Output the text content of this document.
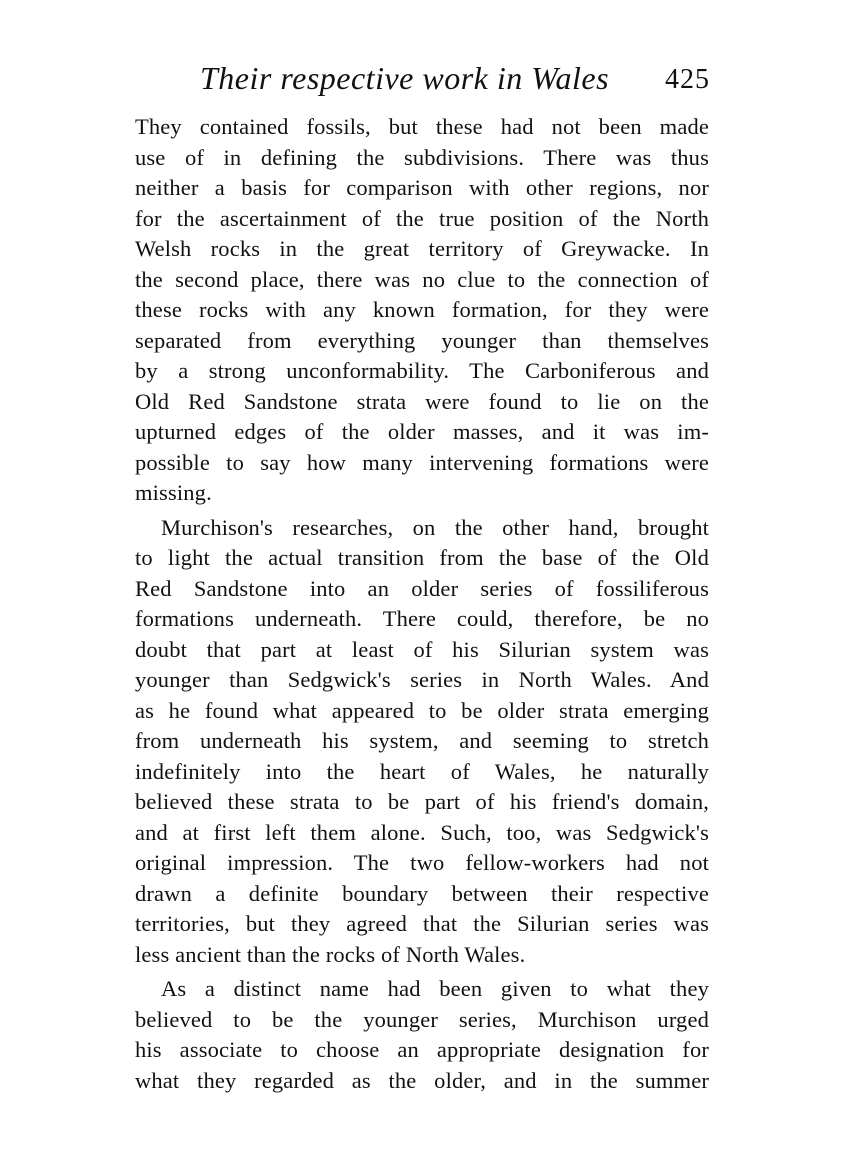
Their respective work in Wales 425

They contained fossils, but these had not been made
use of in defining the subdivisions. There was thus
neither a basis for comparison with other regions, nor
for the ascertainment of the true position of the North
Welsh rocks in the great territory of Greywacke. In
the second place, there was no clue to the connection of
these rocks with any known formation, for they were
separated from everything younger than themselves
by a strong unconformability. The Carboniferous and
Old Red Sandstone strata were found to lie on the
upturned edges of the older masses, and it was im-
possible to say how many intervening formations were
missing.

Murchison's researches, on the other hand, brought
to light the actual transition from the base of the Old
Red Sandstone into an older series of fossiliferous
formations underneath. There could, therefore, be no
doubt that part at least of his Silurian system was
younger than Sedgwick's series in North Wales. And
as he found what appeared to be older strata emerging
from underneath his system, and seeming to stretch
indefinitely into the heart of Wales, he naturally
believed these strata to be part of his friend's domain,
and at first left them alone. Such, too, was Sedgwick's
original impression. The two fellow-workers had not
drawn a definite boundary between their respective
territories, but they agreed that the Silurian series was
less ancient than the rocks of North Wales.

As a distinct name had been given to what they
believed to be the younger series, Murchison urged
his associate to choose an appropriate designation for
what they regarded as the older, and in the summer
